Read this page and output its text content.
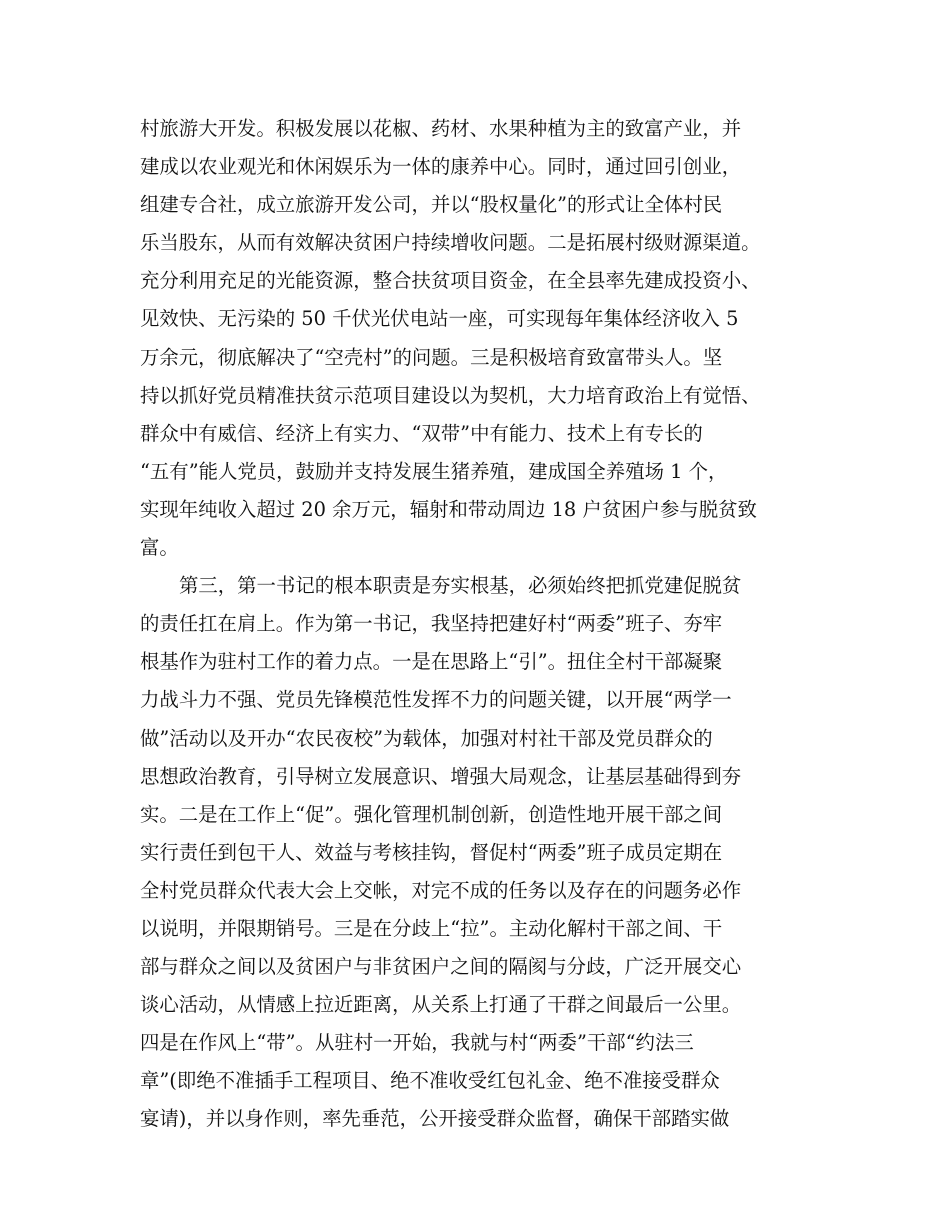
村旅游大开发。积极发展以花椒、药材、水果种植为主的致富产业，并
建成以农业观光和休闲娱乐为一体的康养中心。同时，通过回引创业，
组建专合社，成立旅游开发公司，并以“股权量化”的形式让全体村民
乐当股东，从而有效解决贫困户持续增收问题。二是拓展村级财源渠道。
充分利用充足的光能资源，整合扶贫项目资金，在全县率先建成投资小、
见效快、无污染的 50 千伏光伏电站一座，可实现每年集体经济收入 5
万余元，彻底解决了“空壳村”的问题。三是积极培育致富带头人。坚
持以抓好党员精准扶贫示范项目建设以为契机，大力培育政治上有觉悟、
群众中有威信、经济上有实力、“双带”中有能力、技术上有专长的
“五有”能人党员，鼓励并支持发展生猪养殖，建成国全养殖场 1 个，
实现年纯收入超过 20 余万元，辐射和带动周边 18 户贫困户参与脱贫致
富。
第三，第一书记的根本职责是夯实根基，必须始终把抓党建促脱贫
的责任扛在肩上。作为第一书记，我坚持把建好村“两委”班子、夯牢
根基作为驻村工作的着力点。一是在思路上“引”。扭住全村干部凝聚
力战斗力不强、党员先锋模范性发挥不力的问题关键，以开展“两学一
做”活动以及开办“农民夜校”为载体，加强对村社干部及党员群众的
思想政治教育，引导树立发展意识、增强大局观念，让基层基础得到夯
实。二是在工作上“促”。强化管理机制创新，创造性地开展干部之间
实行责任到包干人、效益与考核挂钩，督促村“两委”班子成员定期在
全村党员群众代表大会上交帐，对完不成的任务以及存在的问题务必作
以说明，并限期销号。三是在分歧上“拉”。主动化解村干部之间、干
部与群众之间以及贫困户与非贫困户之间的隔阂与分歧，广泛开展交心
谈心活动，从情感上拉近距离，从关系上打通了干群之间最后一公里。
四是在作风上“带”。从驻村一开始，我就与村“两委”干部“约法三
章”(即绝不准插手工程项目、绝不准收受红包礼金、绝不准接受群众
宴请)，并以身作则，率先垂范，公开接受群众监督，确保干部踏实做
